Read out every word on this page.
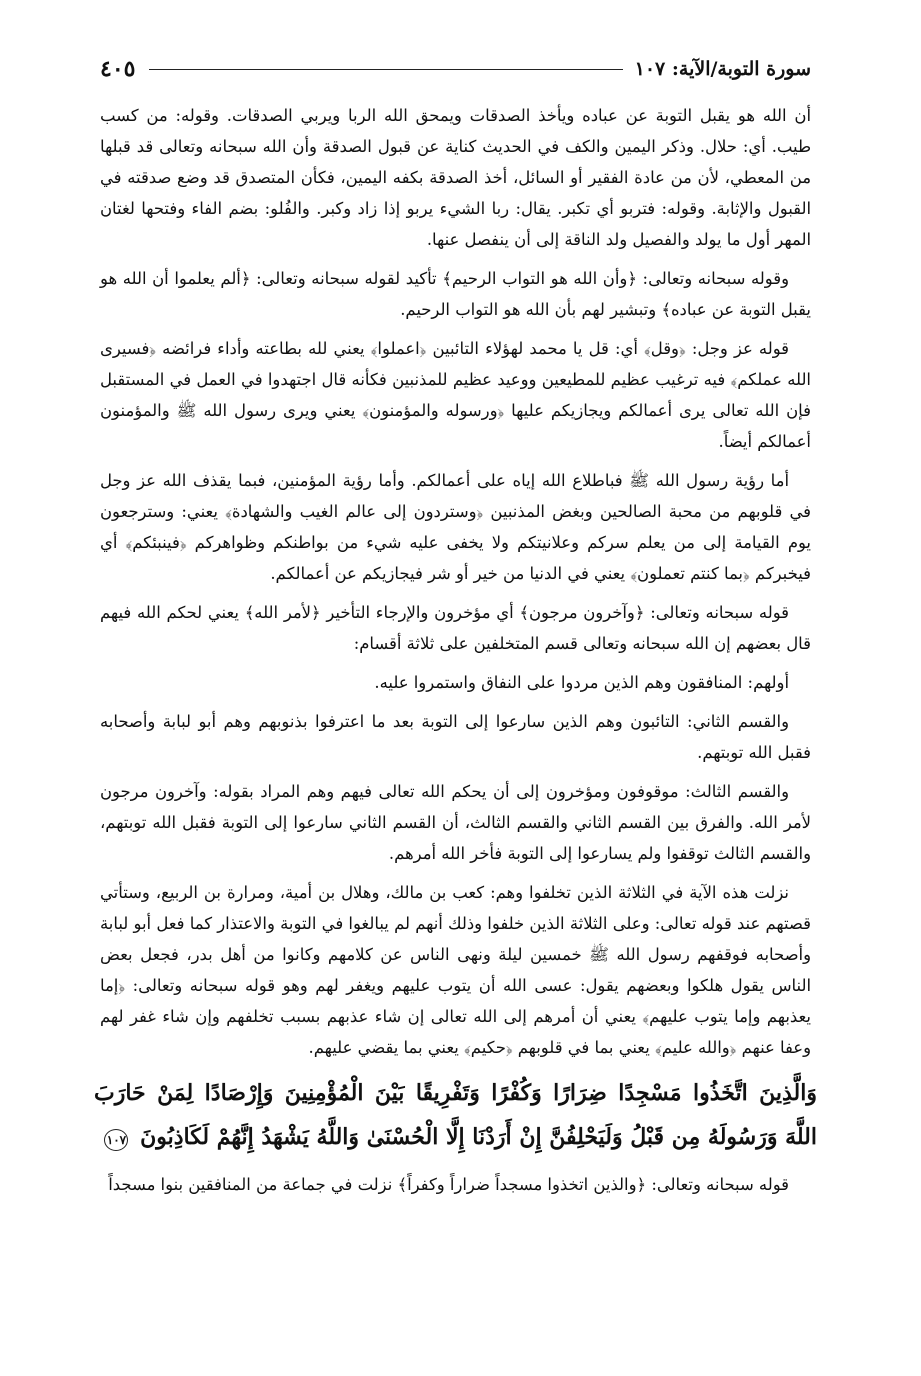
سورة التوبة/الآية: ١٠٧
٤٠٥

أن الله هو يقبل التوبة عن عباده ويأخذ الصدقات ويمحق الله الربا ويربي الصدقات. وقوله: من كسب طيب. أي: حلال. وذكر اليمين والكف في الحديث كناية عن قبول الصدقة وأن الله سبحانه وتعالى قد قبلها من المعطي، لأن من عادة الفقير أو السائل، أخذ الصدقة بكفه اليمين، فكأن المتصدق قد وضع صدقته في القبول والإثابة. وقوله: فتربو أي تكبر. يقال: ربا الشيء يربو إذا زاد وكبر. والفُلو: بضم الفاء وفتحها لغتان المهر أول ما يولد والفصيل ولد الناقة إلى أن ينفصل عنها.

وقوله سبحانه وتعالى: ﴿وأن الله هو التواب الرحيم﴾ تأكيد لقوله سبحانه وتعالى: ﴿ألم يعلموا أن الله هو يقبل التوبة عن عباده﴾ وتبشير لهم بأن الله هو التواب الرحيم.

قوله عز وجل: ﴿وقل﴾ أي: قل يا محمد لهؤلاء التائبين ﴿اعملوا﴾ يعني لله بطاعته وأداء فرائضه ﴿فسيرى الله عملكم﴾ فيه ترغيب عظيم للمطيعين ووعيد عظيم للمذنبين فكأنه قال اجتهدوا في العمل في المستقبل فإن الله تعالى يرى أعمالكم ويجازيكم عليها ﴿ورسوله والمؤمنون﴾ يعني ويرى رسول الله ﷺ والمؤمنون أعمالكم أيضاً.

أما رؤية رسول الله ﷺ فباطلاع الله إياه على أعمالكم. وأما رؤية المؤمنين، فبما يقذف الله عز وجل في قلوبهم من محبة الصالحين وبغض المذنبين ﴿وستردون إلى عالم الغيب والشهادة﴾ يعني: وسترجعون يوم القيامة إلى من يعلم سركم وعلانيتكم ولا يخفى عليه شيء من بواطنكم وظواهركم ﴿فينبئكم﴾ أي فيخبركم ﴿بما كنتم تعملون﴾ يعني في الدنيا من خير أو شر فيجازيكم عن أعمالكم.

قوله سبحانه وتعالى: ﴿وآخرون مرجون﴾ أي مؤخرون والإرجاء التأخير ﴿لأمر الله﴾ يعني لحكم الله فيهم قال بعضهم إن الله سبحانه وتعالى قسم المتخلفين على ثلاثة أقسام:

أولهم: المنافقون وهم الذين مردوا على النفاق واستمروا عليه.

والقسم الثاني: التائبون وهم الذين سارعوا إلى التوبة بعد ما اعترفوا بذنوبهم وهم أبو لبابة وأصحابه فقبل الله توبتهم.

والقسم الثالث: موقوفون ومؤخرون إلى أن يحكم الله تعالى فيهم وهم المراد بقوله: وآخرون مرجون لأمر الله. والفرق بين القسم الثاني والقسم الثالث، أن القسم الثاني سارعوا إلى التوبة فقبل الله توبتهم، والقسم الثالث توقفوا ولم يسارعوا إلى التوبة فأخر الله أمرهم.

نزلت هذه الآية في الثلاثة الذين تخلفوا وهم: كعب بن مالك، وهلال بن أمية، ومرارة بن الربيع، وستأتي قصتهم عند قوله تعالى: وعلى الثلاثة الذين خلفوا وذلك أنهم لم يبالغوا في التوبة والاعتذار كما فعل أبو لبابة وأصحابه فوقفهم رسول الله ﷺ خمسين ليلة ونهى الناس عن كلامهم وكانوا من أهل بدر، فجعل بعض الناس يقول هلكوا وبعضهم يقول: عسى الله أن يتوب عليهم ويغفر لهم وهو قوله سبحانه وتعالى: ﴿إما يعذبهم وإما يتوب عليهم﴾ يعني أن أمرهم إلى الله تعالى إن شاء عذبهم بسبب تخلفهم وإن شاء غفر لهم وعفا عنهم ﴿والله عليم﴾ يعني بما في قلوبهم ﴿حكيم﴾ يعني بما يقضي عليهم.

وَالَّذِينَ اتَّخَذُوا مَسْجِدًا ضِرَارًا وَكُفْرًا وَتَفْرِيقًا بَيْنَ الْمُؤْمِنِينَ وَإِرْصَادًا لِمَنْ حَارَبَ اللَّهَ وَرَسُولَهُ مِن قَبْلُ وَلَيَحْلِفُنَّ إِنْ أَرَدْنَا إِلَّا الْحُسْنَىٰ وَاللَّهُ يَشْهَدُ إِنَّهُمْ لَكَاذِبُونَ ١٠٧

قوله سبحانه وتعالى: ﴿والذين اتخذوا مسجداً ضراراً وكفراً﴾ نزلت في جماعة من المنافقين بنوا مسجداً
